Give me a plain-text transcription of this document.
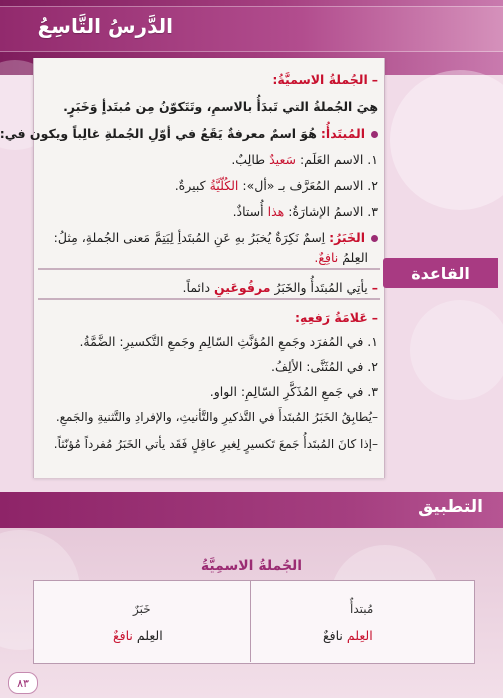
الدَّرسُ التَّاسِعُ
–الجُملةُ الاسميَّةُ:
هِيَ الجُملةُ التي تَبدَأُ بالاسمِ، وتَتَكوّنُ مِن مُبتَدأٍ وَخَبَرٍ.
المُبتَدأُ: هُوَ اسمٌ معرفةٌ يَقَعُ في أوّلِ الجُملةِ غالِباً ويكون في:
١. الاسم العَلَم: سَعيدٌ طالِبٌ.
٢. الاسم المُعَرَّف بـ «أل»: الكُلّيَّةُ كبيرةٌ.
٣. الاسمُ الإشارَةُ: هذا أُستاذٌ.
الخَبَرُ: اِسمٌ نَكِرَةٌ يُخبَرُ بهِ عَنِ المُبتَدأِ لِيَتِمَّ مَعنى الجُملةِ، مِثلُ:
العِلمُ نافِعٌ.
–يأتِي المُبتَدأُ والخَبَرُ مرفُوعَينِ دائماً.
–عَلامَةُ رَفعِهِ:
١. في المُفرَد وجَمعِ المُؤنَّثِ السّالِمِ وجَمعِ التَّكسيرِ: الضَّمَّةُ.
٢. في المُثَنَّى: الألِفُ.
٣. في جَمعِ المُذَكَّرِ السّالِمِ: الواو.
–يُطابِقُ الخَبَرُ المُبتَدأَ في التَّذكيرِ والتَّأنيثِ، والإفرادِ والتَّثنيةِ والجَمعِ.
–إذا كانَ المُبتَدأُ جَمعَ تَكسيرٍ لِغيرِ عاقِلٍ فَقَد يأتي الخَبَرُ مُفرداً مُؤنّثاً.
القاعدة
التطبيق
الجُملةُ الاسمِيَّةُ
مُبتدأٌ
العِلم نافعٌ
خَبَرٌ
العِلم نافعٌ
٨٣
